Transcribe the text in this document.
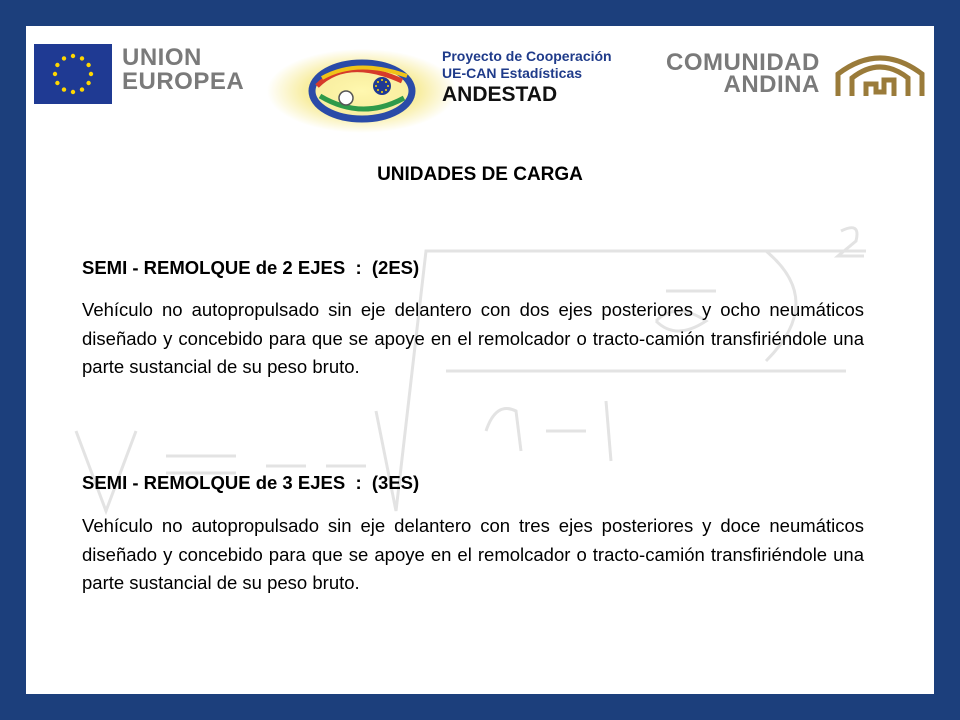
UNION
EUROPEA
Proyecto de Cooperación
UE-CAN Estadísticas
ANDESTAD
COMUNIDAD
ANDINA
UNIDADES DE CARGA
SEMI - REMOLQUE de 2 EJES  :  (2ES)
Vehículo no autopropulsado sin eje delantero con dos ejes posteriores y ocho neumáticos diseñado y concebido para que se apoye en el remolcador o tracto-camión transfiriéndole una parte sustancial de su peso bruto.
SEMI - REMOLQUE de 3 EJES  :  (3ES)
Vehículo no autopropulsado sin eje delantero con tres ejes posteriores y doce neumáticos diseñado y concebido para que se apoye en el remolcador o tracto-camión transfiriéndole una parte sustancial de su peso bruto.
